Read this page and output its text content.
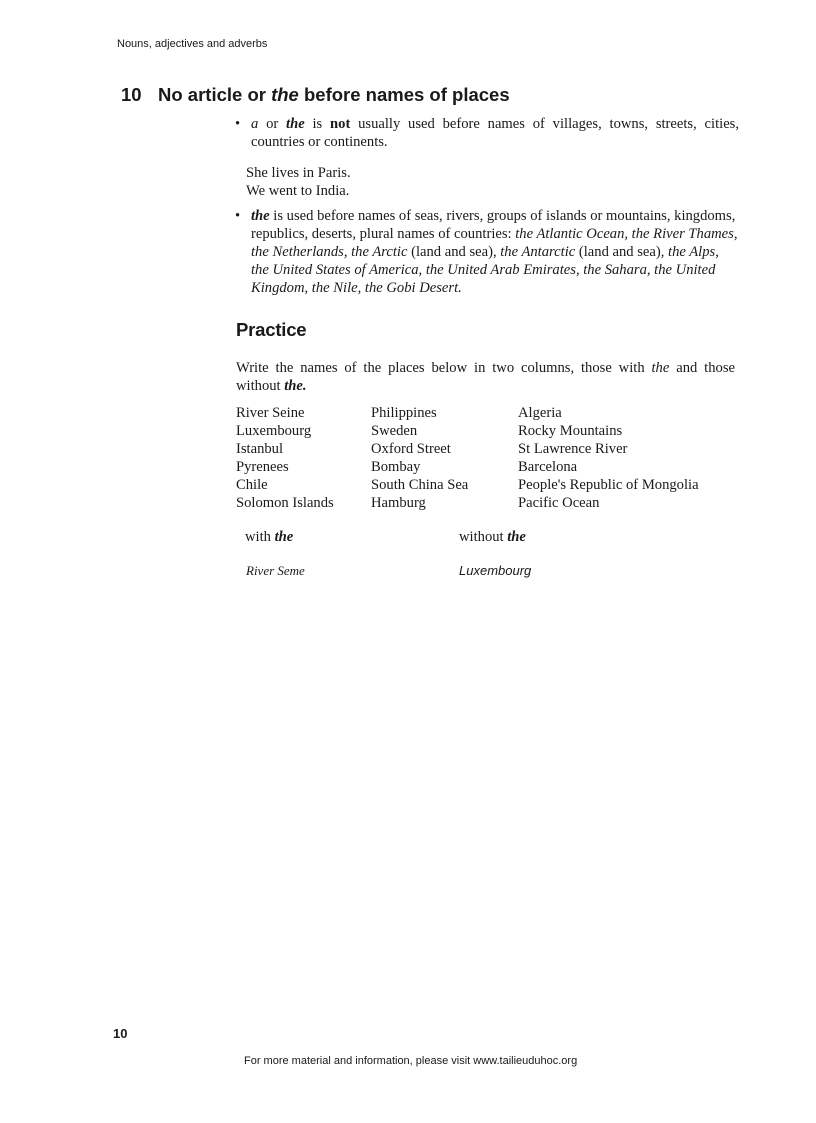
Nouns, adjectives and adverbs
10 No article or the before names of places
• a or the is not usually used before names of villages, towns, streets, cities, countries or continents.
She lives in Paris.
We went to India.
• the is used before names of seas, rivers, groups of islands or mountains, kingdoms, republics, deserts, plural names of countries: the Atlantic Ocean, the River Thames, the Netherlands, the Arctic (land and sea), the Antarctic (land and sea), the Alps, the United States of America, the United Arab Emirates, the Sahara, the United Kingdom, the Nile, the Gobi Desert.
Practice
Write the names of the places below in two columns, those with the and those without the.
River Seine
Luxembourg
Istanbul
Pyrenees
Chile
Solomon Islands
Philippines
Sweden
Oxford Street
Bombay
South China Sea
Hamburg
Algeria
Rocky Mountains
St Lawrence River
Barcelona
People's Republic of Mongolia
Pacific Ocean
with the	without the
River Seme	Luxembourg
10
For more material and information, please visit www.tailieuduhoc.org
